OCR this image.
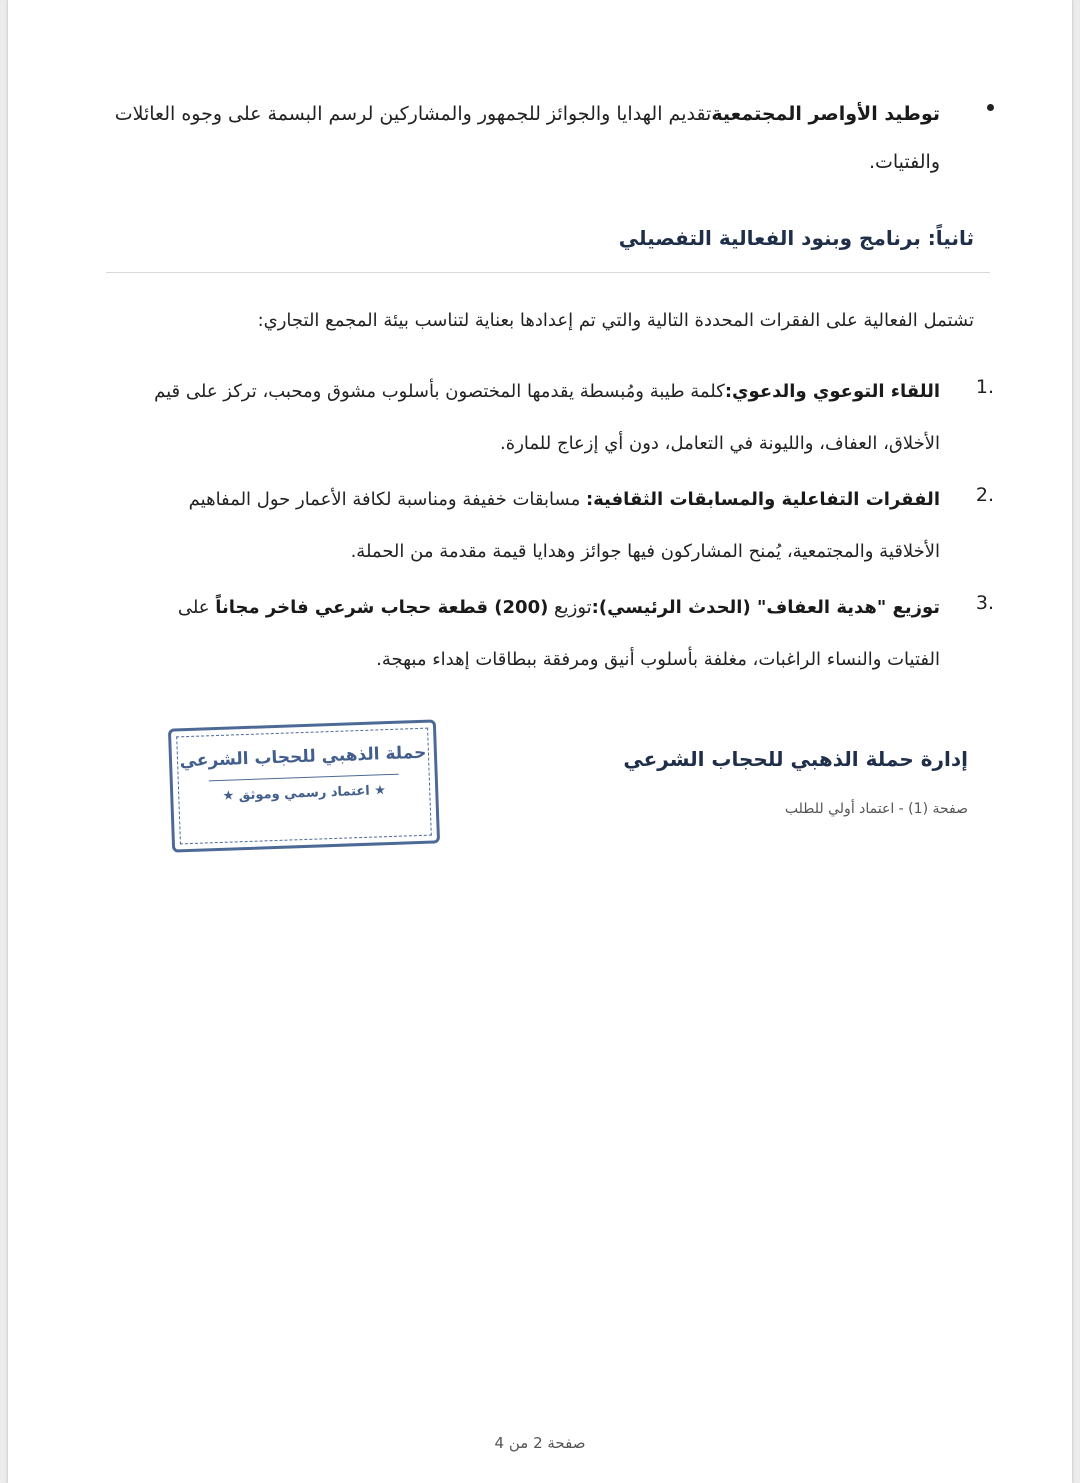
توطيد الأواصر المجتمعيةتقديم الهدايا والجوائز للجمهور والمشاركين لرسم البسمة على وجوه العائلات والفتيات.
ثانياً: برنامج وبنود الفعالية التفصيلي
تشتمل الفعالية على الفقرات المحددة التالية والتي تم إعدادها بعناية لتناسب بيئة المجمع التجاري:
1.
اللقاء التوعوي والدعوي:كلمة طيبة ومُبسطة يقدمها المختصون بأسلوب مشوق ومحبب، تركز على قيم الأخلاق، العفاف، والليونة في التعامل، دون أي إزعاج للمارة.
2.
الفقرات التفاعلية والمسابقات الثقافية: مسابقات خفيفة ومناسبة لكافة الأعمار حول المفاهيم الأخلاقية والمجتمعية، يُمنح المشاركون فيها جوائز وهدايا قيمة مقدمة من الحملة.
3.
توزيع "هدية العفاف" (الحدث الرئيسي):توزيع (200) قطعة حجاب شرعي فاخر مجاناً على الفتيات والنساء الراغبات، مغلفة بأسلوب أنيق ومرفقة ببطاقات إهداء مبهجة.
إدارة حملة الذهبي للحجاب الشرعي
صفحة (1) - اعتماد أولي للطلب
حملة الذهبي للحجاب الشرعي
★ اعتماد رسمي وموثق ★
صفحة 2 من 4
